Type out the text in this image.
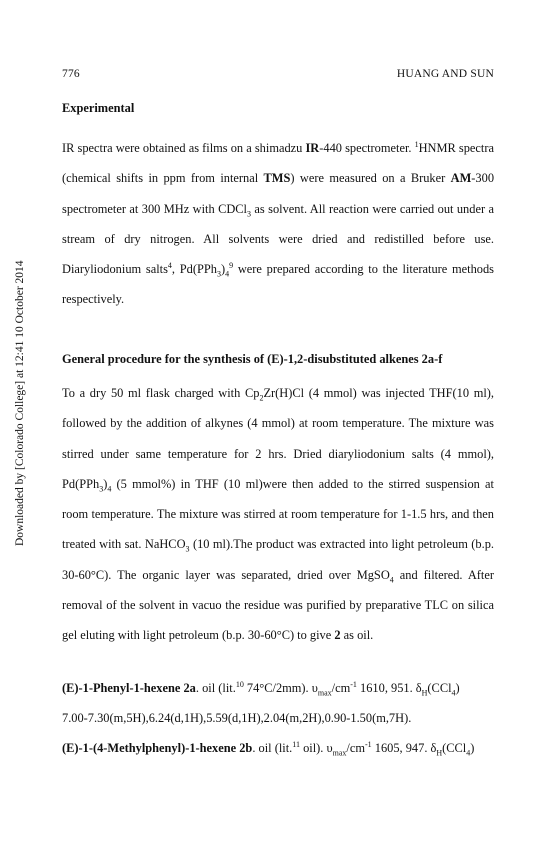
Downloaded by [Colorado College] at 12:41 10 October 2014
776	HUANG AND SUN
Experimental
IR spectra were obtained as films on a shimadzu IR-440 spectrometer. $^1$HNMR spectra (chemical shifts in ppm from internal TMS) were measured on a Bruker AM-300 spectrometer at 300 MHz with CDCl$_3$ as solvent. All reaction were carried out under a stream of dry nitrogen. All solvents were dried and redistilled before use. Diaryliodonium salts$^4$, $Pd(PPh_3)_4^9$ were prepared according to the literature methods respectively.
General procedure for the synthesis of (E)-1,2-disubstituted alkenes 2a-f
To a dry 50 ml flask charged with $Cp_2Zr(H)Cl$ (4 mmol) was injected THF(10 ml), followed by the addition of alkynes (4 mmol) at room temperature. The mixture was stirred under same temperature for 2 hrs. Dried diaryliodonium salts (4 mmol), $Pd(PPh_3)_4$ (5 mmol%) in THF (10 ml)were then added to the stirred suspension at room temperature. The mixture was stirred at room temperature for 1-1.5 hrs, and then treated with sat. NaHCO$_3$ (10 ml).The product was extracted into light petroleum (b.p. 30-60°C). The organic layer was separated, dried over MgSO$_4$ and filtered. After removal of the solvent in vacuo the residue was purified by preparative TLC on silica gel eluting with light petroleum (b.p. 30-60°C) to give 2 as oil.
(E)-1-Phenyl-1-hexene 2a. oil (lit.$^{10}$ 74°C/2mm). $\upsilon_{max}/cm^{-1}$ 1610, 951. $\delta_H(CCl_4)$
7.00-7.30(m,5H),6.24(d,1H),5.59(d,1H),2.04(m,2H),0.90-1.50(m,7H).
(E)-1-(4-Methylphenyl)-1-hexene 2b. oil (lit.$^{11}$ oil). $\upsilon_{max}/cm^{-1}$ 1605, 947. $\delta_H(CCl_4)$
